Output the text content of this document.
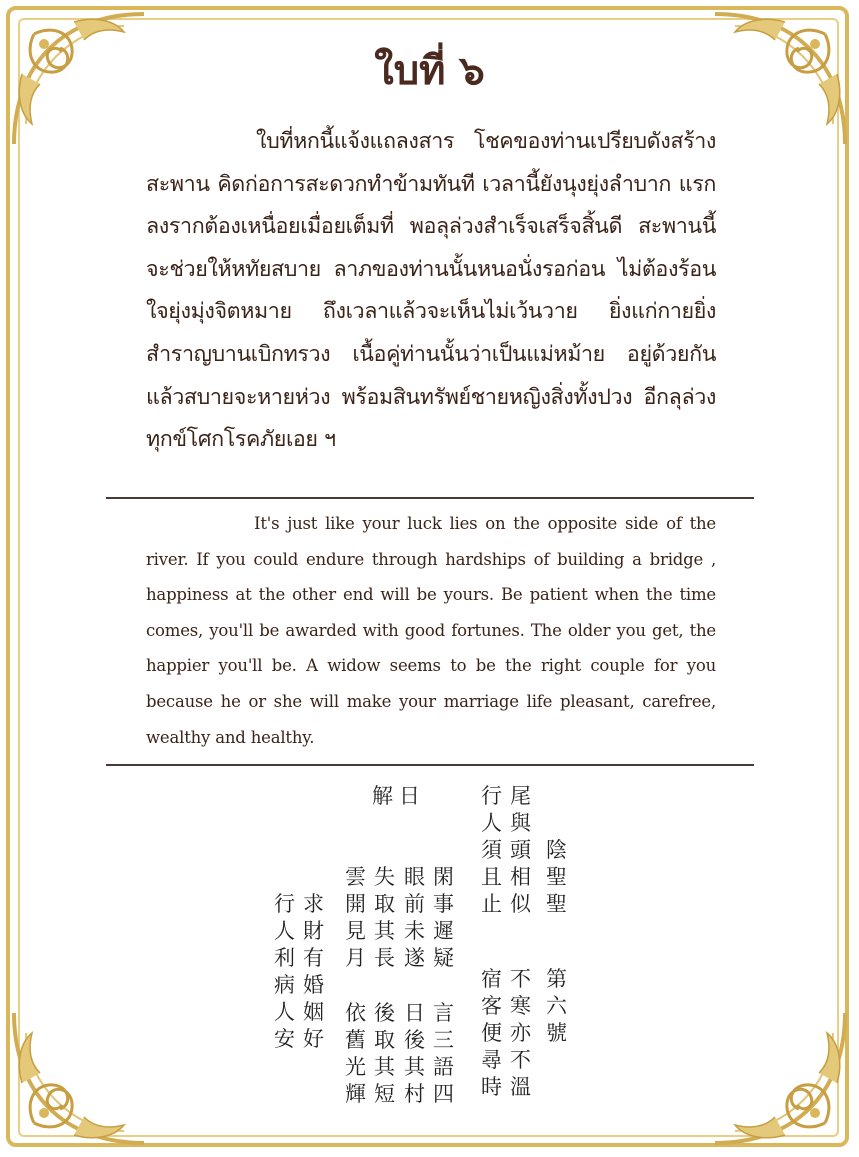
ใบที่ ๖
ใบที่หกนี้แจ้งแถลงสาร โชคของท่านเปรียบดังสร้างสะพาน คิดก่อการสะดวกทำข้ามทันที เวลานี้ยังนุงยุ่งลำบาก แรกลงรากต้องเหนื่อยเมื่อยเต็มที่ พอลุล่วงสำเร็จเสร็จสิ้นดี สะพานนี้จะช่วยให้หทัยสบาย ลาภของท่านนั้นหนอนั่งรอก่อน ไม่ต้องร้อนใจยุ่งมุ่งจิตหมาย ถึงเวลาแล้วจะเห็นไม่เว้นวาย ยิ่งแก่กายยิ่งสำราญบานเบิกทรวง เนื้อคู่ท่านนั้นว่าเป็นแม่หม้าย อยู่ด้วยกันแล้วสบายจะหายห่วง พร้อมสินทรัพย์ชายหญิงสิ่งทั้งปวง อีกลุล่วงทุกข์โศกโรคภัยเอย ฯ
It's just like your luck lies on the opposite side of the river. If you could endure through hardships of building a bridge , happiness at the other end will be yours. Be patient when the time comes, you'll be awarded with good fortunes. The older you get, the happier you'll be. A widow seems to be the right couple for you because he or she will make your marriage life pleasant, carefree, wealthy and healthy.
第六號
陰聖聖
尾與頭相似
不寒亦不溫
宿客便尋時
行人須且止
閑事遲疑
言三語四
眼前未遂
日後其村
失取其長
後取其短
雲開見月
依舊光輝
解日
求財有婚姻好
行人利病人安
